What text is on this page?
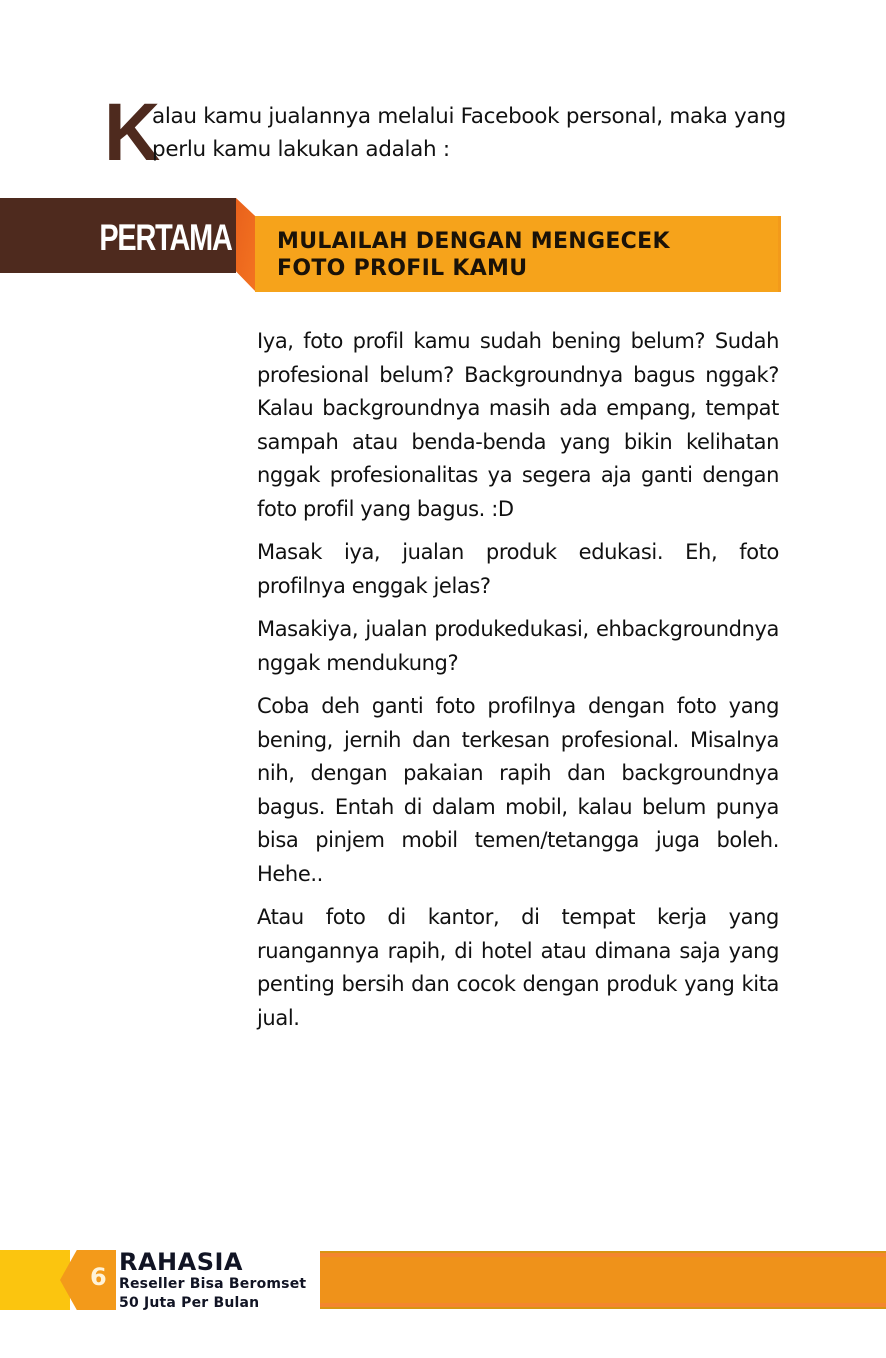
K
alau kamu jualannya melalui Facebook personal, maka yang
perlu kamu lakukan adalah :
PERTAMA MULAILAH DENGAN MENGECEK
FOTO PROFIL KAMU

Iya, foto profil kamu sudah bening belum? Sudah profesional belum? Backgroundnya bagus nggak? Kalau backgroundnya masih ada empang, tempat sampah atau benda-benda yang bikin kelihatan nggak profesionalitas ya segera aja ganti dengan foto profil yang bagus. :D

Masak iya, jualan produk edukasi. Eh, foto profilnya enggak jelas?

Masakiya, jualan produkedukasi, ehbackgroundnya nggak mendukung?

Coba deh ganti foto profilnya dengan foto yang bening, jernih dan terkesan profesional. Misalnya nih, dengan pakaian rapih dan backgroundnya bagus. Entah di dalam mobil, kalau belum punya bisa pinjem mobil temen/tetangga juga boleh. Hehe..

Atau foto di kantor, di tempat kerja yang ruangannya rapih, di hotel atau dimana saja yang penting bersih dan cocok dengan produk yang kita jual.

6
RAHASIA
Reseller Bisa Beromset
50 Juta Per Bulan
